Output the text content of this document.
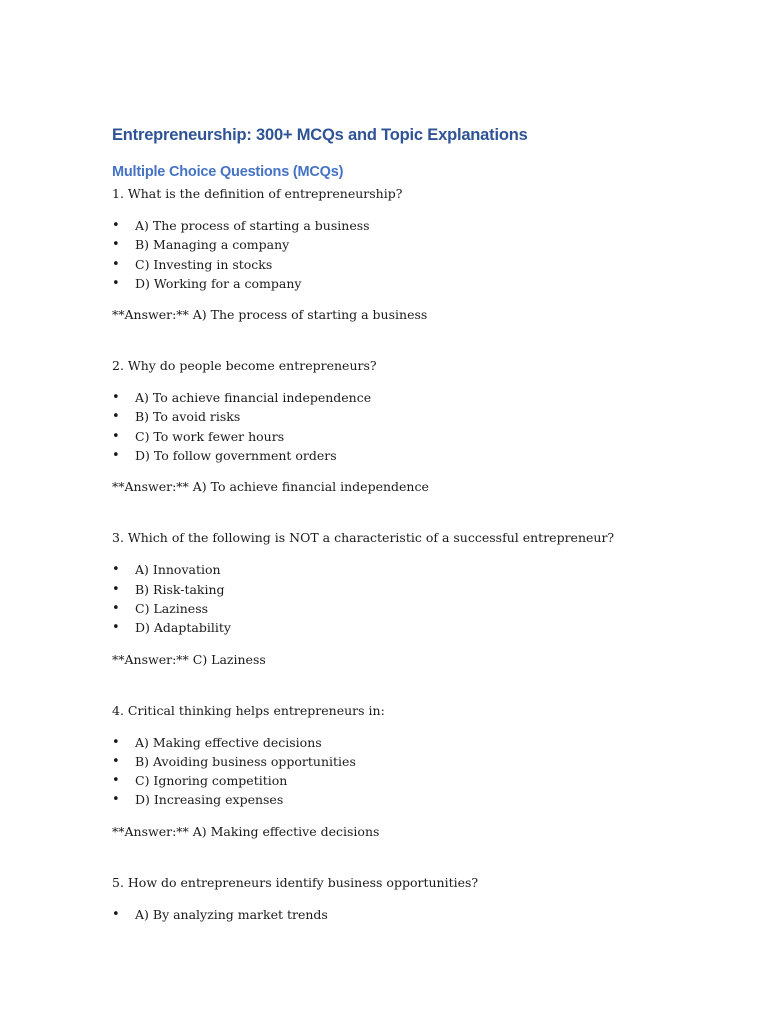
Entrepreneurship: 300+ MCQs and Topic Explanations
Multiple Choice Questions (MCQs)

1. What is the definition of entrepreneurship?

• A) The process of starting a business
• B) Managing a company
• C) Investing in stocks
• D) Working for a company

**Answer:** A) The process of starting a business

2. Why do people become entrepreneurs?

• A) To achieve financial independence
• B) To avoid risks
• C) To work fewer hours
• D) To follow government orders

**Answer:** A) To achieve financial independence

3. Which of the following is NOT a characteristic of a successful entrepreneur?

• A) Innovation
• B) Risk-taking
• C) Laziness
• D) Adaptability

**Answer:** C) Laziness

4. Critical thinking helps entrepreneurs in:

• A) Making effective decisions
• B) Avoiding business opportunities
• C) Ignoring competition
• D) Increasing expenses

**Answer:** A) Making effective decisions

5. How do entrepreneurs identify business opportunities?

• A) By analyzing market trends
